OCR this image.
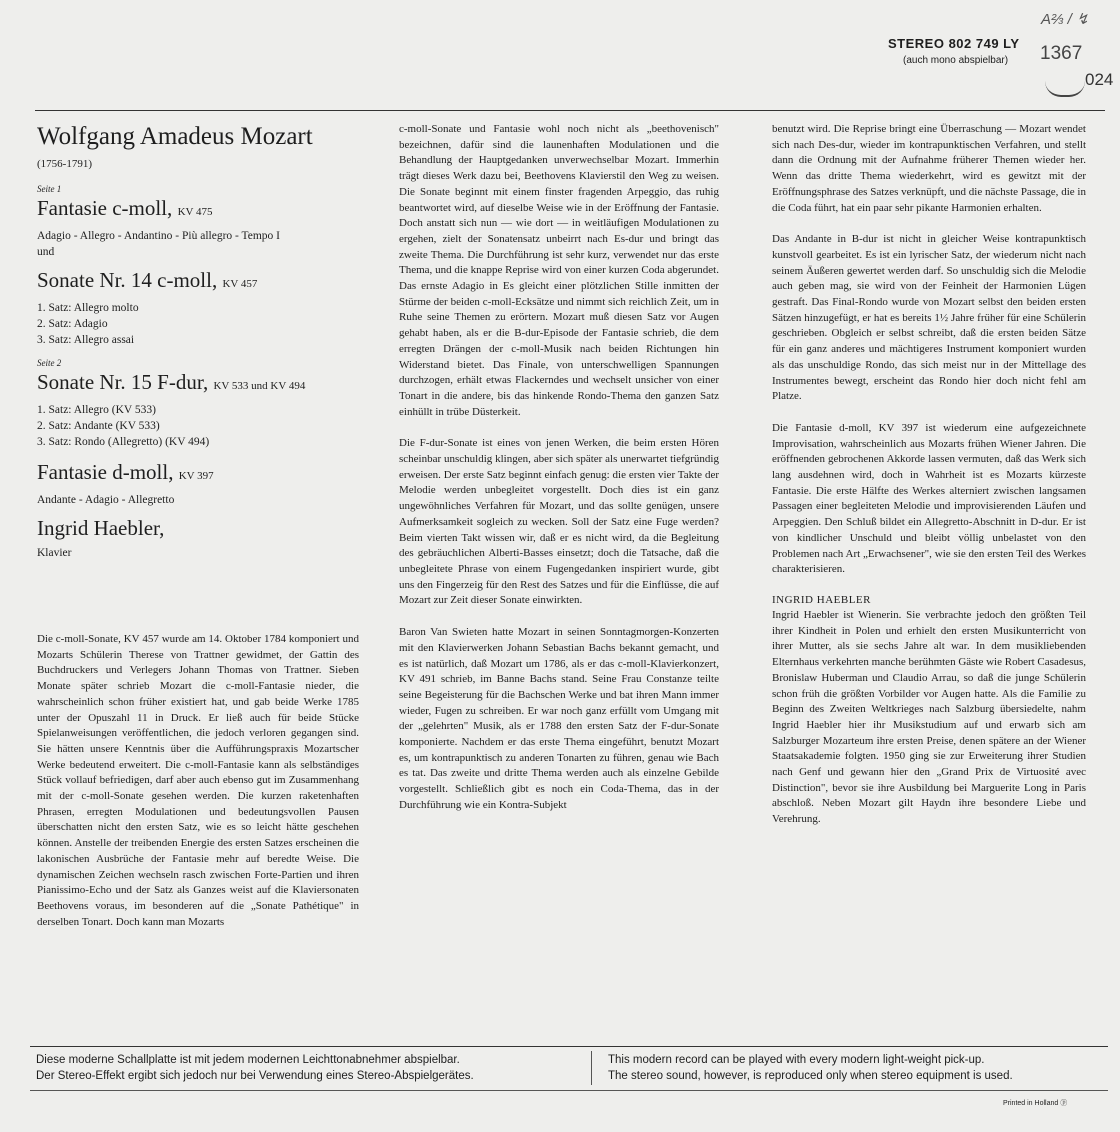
STEREO 802 749 LY
(auch mono abspielbar)
A⅔ / ↯
1367
024
Wolfgang Amadeus Mozart

(1756-1791)

Seite 1

Fantasie c-moll, KV 475

Adagio - Allegro - Andantino - Più allegro - Tempo I
und

Sonate Nr. 14 c-moll, KV 457
1. Satz: Allegro molto
2. Satz: Adagio
3. Satz: Allegro assai

Seite 2

Sonate Nr. 15 F-dur, KV 533 und KV 494
1. Satz: Allegro (KV 533)
2. Satz: Andante (KV 533)
3. Satz: Rondo (Allegretto) (KV 494)
Fantasie d-moll, KV 397

Andante - Adagio - Allegretto

Ingrid Haebler,

Klavier

Die c-moll-Sonate, KV 457 wurde am 14. Oktober 1784 komponiert und Mozarts Schülerin Therese von Trattner gewidmet, der Gattin des Buchdruckers und Verlegers Johann Thomas von Trattner. Sieben Monate später schrieb Mozart die c-moll-Fantasie nieder, die wahrscheinlich schon früher existiert hat, und gab beide Werke 1785 unter der Opuszahl 11 in Druck. Er ließ auch für beide Stücke Spielanweisungen veröffentlichen, die jedoch verloren gegangen sind. Sie hätten unsere Kenntnis über die Aufführungspraxis Mozartscher Werke bedeutend erweitert. Die c-moll-Fantasie kann als selbständiges Stück vollauf befriedigen, darf aber auch ebenso gut im Zusammenhang mit der c-moll-Sonate gesehen werden. Die kurzen raketenhaften Phrasen, erregten Modulationen und bedeutungsvollen Pausen überschatten nicht den ersten Satz, wie es so leicht hätte geschehen können. Anstelle der treibenden Energie des ersten Satzes erscheinen die lakonischen Ausbrüche der Fantasie mehr auf beredte Weise. Die dynamischen Zeichen wechseln rasch zwischen Forte-Partien und ihren Pianissimo-Echo und der Satz als Ganzes weist auf die Klaviersonaten Beethovens voraus, im besonderen auf die „Sonate Pathétique" in derselben Tonart. Doch kann man Mozarts

c-moll-Sonate und Fantasie wohl noch nicht als „beethovenisch" bezeichnen, dafür sind die launenhaften Modulationen und die Behandlung der Hauptgedanken unverwechselbar Mozart. Immerhin trägt dieses Werk dazu bei, Beethovens Klavierstil den Weg zu weisen. Die Sonate beginnt mit einem finster fragenden Arpeggio, das ruhig beantwortet wird, auf dieselbe Weise wie in der Eröffnung der Fantasie. Doch anstatt sich nun — wie dort — in weitläufigen Modulationen zu ergehen, zielt der Sonatensatz unbeirrt nach Es-dur und bringt das zweite Thema. Die Durchführung ist sehr kurz, verwendet nur das erste Thema, und die knappe Reprise wird von einer kurzen Coda abgerundet. Das ernste Adagio in Es gleicht einer plötzlichen Stille inmitten der Stürme der beiden c-moll-Ecksätze und nimmt sich reichlich Zeit, um in Ruhe seine Themen zu erörtern. Mozart muß diesen Satz vor Augen gehabt haben, als er die B-dur-Episode der Fantasie schrieb, die dem erregten Drängen der c-moll-Musik nach beiden Richtungen hin Widerstand bietet. Das Finale, von unterschwelligen Spannungen durchzogen, erhält etwas Flackerndes und wechselt unsicher von einer Tonart in die andere, bis das hinkende Rondo-Thema den ganzen Satz einhüllt in trübe Düsterkeit.

Die F-dur-Sonate ist eines von jenen Werken, die beim ersten Hören scheinbar unschuldig klingen, aber sich später als unerwartet tiefgründig erweisen. Der erste Satz beginnt einfach genug: die ersten vier Takte der Melodie werden unbegleitet vorgestellt. Doch dies ist ein ganz ungewöhnliches Verfahren für Mozart, und das sollte genügen, unsere Aufmerksamkeit sogleich zu wecken. Soll der Satz eine Fuge werden? Beim vierten Takt wissen wir, daß er es nicht wird, da die Begleitung des gebräuchlichen Alberti-Basses einsetzt; doch die Tatsache, daß die unbegleitete Phrase von einem Fugengedanken inspiriert wurde, gibt uns den Fingerzeig für den Rest des Satzes und für die Einflüsse, die auf Mozart zur Zeit dieser Sonate einwirkten.

Baron Van Swieten hatte Mozart in seinen Sonntagmorgen-Konzerten mit den Klavierwerken Johann Sebastian Bachs bekannt gemacht, und es ist natürlich, daß Mozart um 1786, als er das c-moll-Klavierkonzert, KV 491 schrieb, im Banne Bachs stand. Seine Frau Constanze teilte seine Begeisterung für die Bachschen Werke und bat ihren Mann immer wieder, Fugen zu schreiben. Er war noch ganz erfüllt vom Umgang mit der „gelehrten" Musik, als er 1788 den ersten Satz der F-dur-Sonate komponierte. Nachdem er das erste Thema eingeführt, benutzt Mozart es, um kontrapunktisch zu anderen Tonarten zu führen, genau wie Bach es tat. Das zweite und dritte Thema werden auch als einzelne Gebilde vorgestellt. Schließlich gibt es noch ein Coda-Thema, das in der Durchführung wie ein Kontra-Subjekt

benutzt wird. Die Reprise bringt eine Überraschung — Mozart wendet sich nach Des-dur, wieder im kontrapunktischen Verfahren, und stellt dann die Ordnung mit der Aufnahme früherer Themen wieder her. Wenn das dritte Thema wiederkehrt, wird es gewitzt mit der Eröffnungsphrase des Satzes verknüpft, und die nächste Passage, die in die Coda führt, hat ein paar sehr pikante Harmonien erhalten.

Das Andante in B-dur ist nicht in gleicher Weise kontrapunktisch kunstvoll gearbeitet. Es ist ein lyrischer Satz, der wiederum nicht nach seinem Äußeren gewertet werden darf. So unschuldig sich die Melodie auch geben mag, sie wird von der Feinheit der Harmonien Lügen gestraft. Das Final-Rondo wurde von Mozart selbst den beiden ersten Sätzen hinzugefügt, er hat es bereits 1½ Jahre früher für eine Schülerin geschrieben. Obgleich er selbst schreibt, daß die ersten beiden Sätze für ein ganz anderes und mächtigeres Instrument komponiert wurden als das unschuldige Rondo, das sich meist nur in der Mittellage des Instrumentes bewegt, erscheint das Rondo hier doch nicht fehl am Platze.

Die Fantasie d-moll, KV 397 ist wiederum eine aufgezeichnete Improvisation, wahrscheinlich aus Mozarts frühen Wiener Jahren. Die eröffnenden gebrochenen Akkorde lassen vermuten, daß das Werk sich lang ausdehnen wird, doch in Wahrheit ist es Mozarts kürzeste Fantasie. Die erste Hälfte des Werkes alterniert zwischen langsamen Passagen einer begleiteten Melodie und improvisierenden Läufen und Arpeggien. Den Schluß bildet ein Allegretto-Abschnitt in D-dur. Er ist von kindlicher Unschuld und bleibt völlig unbelastet von den Problemen nach Art „Erwachsener", wie sie den ersten Teil des Werkes charakterisieren.

INGRID HAEBLER

Ingrid Haebler ist Wienerin. Sie verbrachte jedoch den größten Teil ihrer Kindheit in Polen und erhielt den ersten Musikunterricht von ihrer Mutter, als sie sechs Jahre alt war. In dem musikliebenden Elternhaus verkehrten manche berühmten Gäste wie Robert Casadesus, Bronislaw Huberman und Claudio Arrau, so daß die junge Schülerin schon früh die größten Vorbilder vor Augen hatte. Als die Familie zu Beginn des Zweiten Weltkrieges nach Salzburg übersiedelte, nahm Ingrid Haebler hier ihr Musikstudium auf und erwarb sich am Salzburger Mozarteum ihre ersten Preise, denen spätere an der Wiener Staatsakademie folgten. 1950 ging sie zur Erweiterung ihrer Studien nach Genf und gewann hier den „Grand Prix de Virtuosité avec Distinction", bevor sie ihre Ausbildung bei Marguerite Long in Paris abschloß. Neben Mozart gilt Haydn ihre besondere Liebe und Verehrung.

Diese moderne Schallplatte ist mit jedem modernen Leichttonabnehmer abspielbar.
Der Stereo-Effekt ergibt sich jedoch nur bei Verwendung eines Stereo-Abspielgerätes.

This modern record can be played with every modern light-weight pick-up.
The stereo sound, however, is reproduced only when stereo equipment is used.

Printed in Holland ⓟ
